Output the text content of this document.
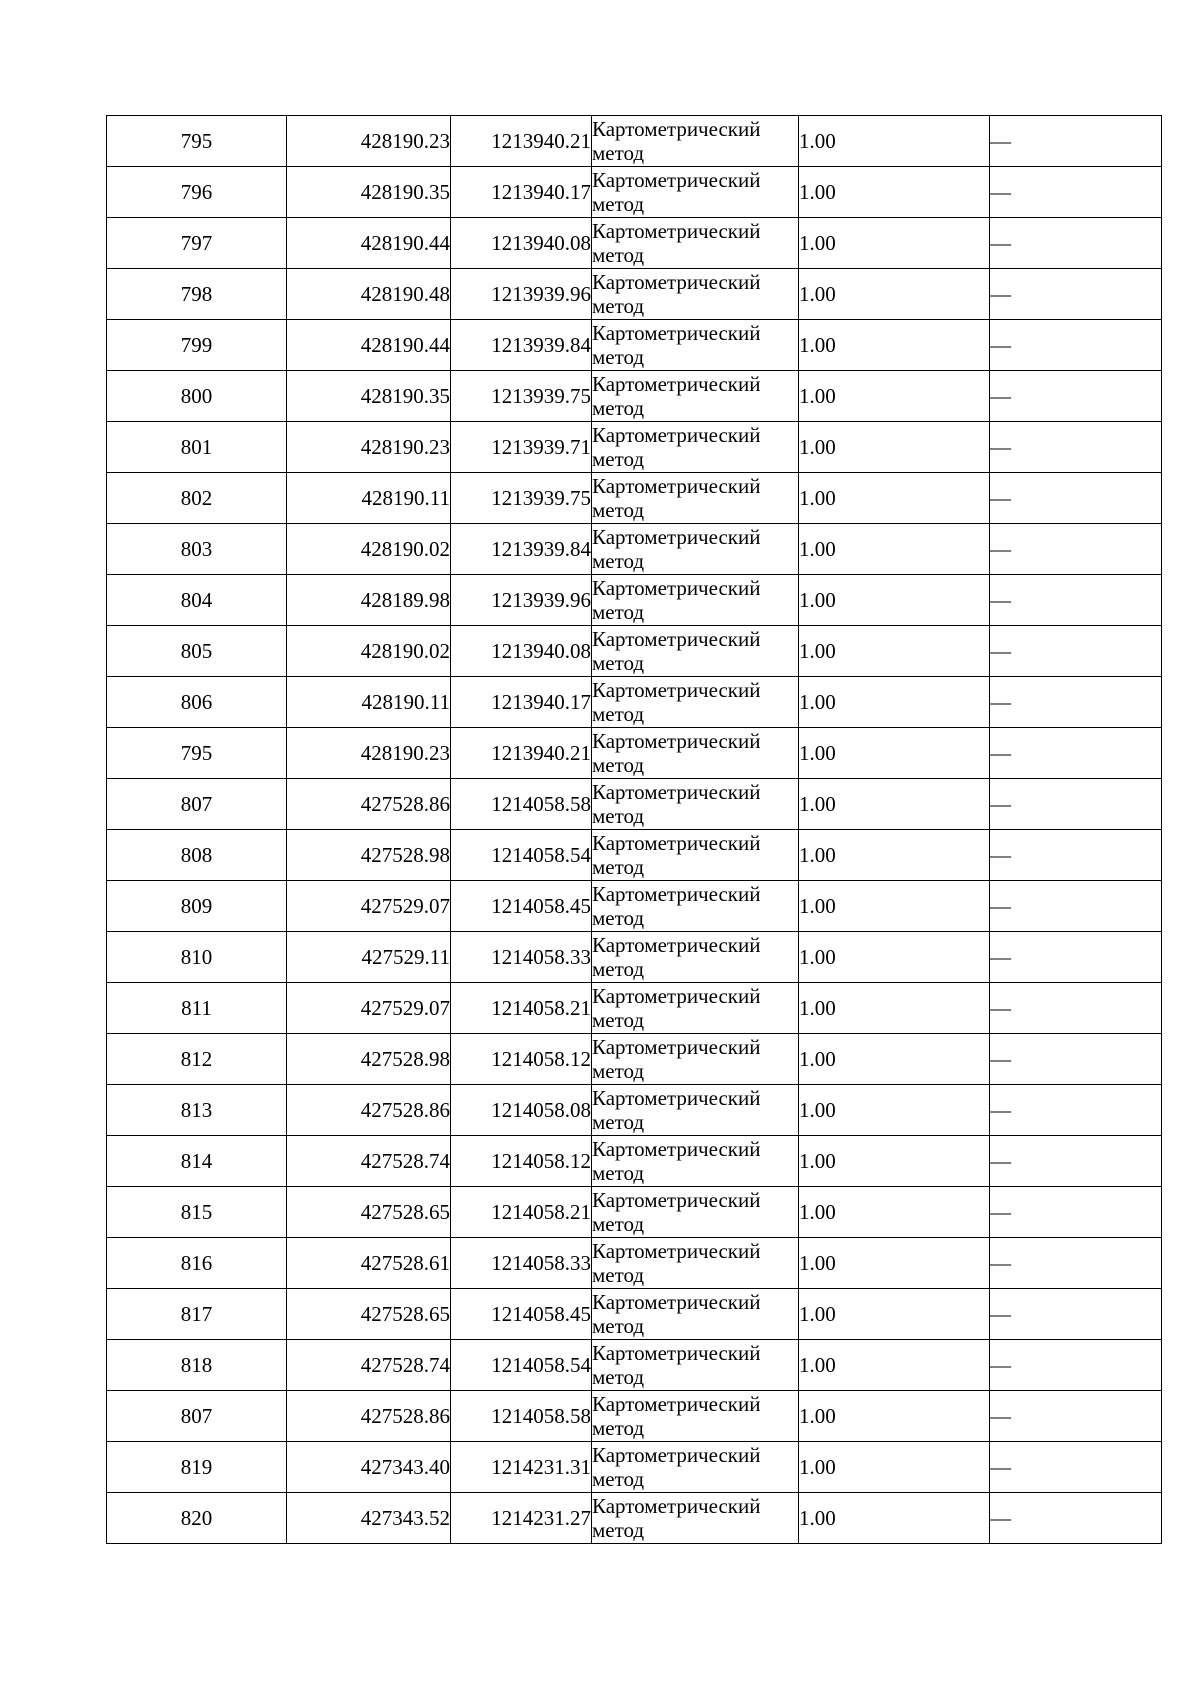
795	428190.23	1213940.21	Картометрический
метод	1.00	—
796	428190.35	1213940.17	Картометрический
метод	1.00	—
797	428190.44	1213940.08	Картометрический
метод	1.00	—
798	428190.48	1213939.96	Картометрический
метод	1.00	—
799	428190.44	1213939.84	Картометрический
метод	1.00	—
800	428190.35	1213939.75	Картометрический
метод	1.00	—
801	428190.23	1213939.71	Картометрический
метод	1.00	—
802	428190.11	1213939.75	Картометрический
метод	1.00	—
803	428190.02	1213939.84	Картометрический
метод	1.00	—
804	428189.98	1213939.96	Картометрический
метод	1.00	—
805	428190.02	1213940.08	Картометрический
метод	1.00	—
806	428190.11	1213940.17	Картометрический
метод	1.00	—
795	428190.23	1213940.21	Картометрический
метод	1.00	—
807	427528.86	1214058.58	Картометрический
метод	1.00	—
808	427528.98	1214058.54	Картометрический
метод	1.00	—
809	427529.07	1214058.45	Картометрический
метод	1.00	—
810	427529.11	1214058.33	Картометрический
метод	1.00	—
811	427529.07	1214058.21	Картометрический
метод	1.00	—
812	427528.98	1214058.12	Картометрический
метод	1.00	—
813	427528.86	1214058.08	Картометрический
метод	1.00	—
814	427528.74	1214058.12	Картометрический
метод	1.00	—
815	427528.65	1214058.21	Картометрический
метод	1.00	—
816	427528.61	1214058.33	Картометрический
метод	1.00	—
817	427528.65	1214058.45	Картометрический
метод	1.00	—
818	427528.74	1214058.54	Картометрический
метод	1.00	—
807	427528.86	1214058.58	Картометрический
метод	1.00	—
819	427343.40	1214231.31	Картометрический
метод	1.00	—
820	427343.52	1214231.27	Картометрический
метод	1.00	—
